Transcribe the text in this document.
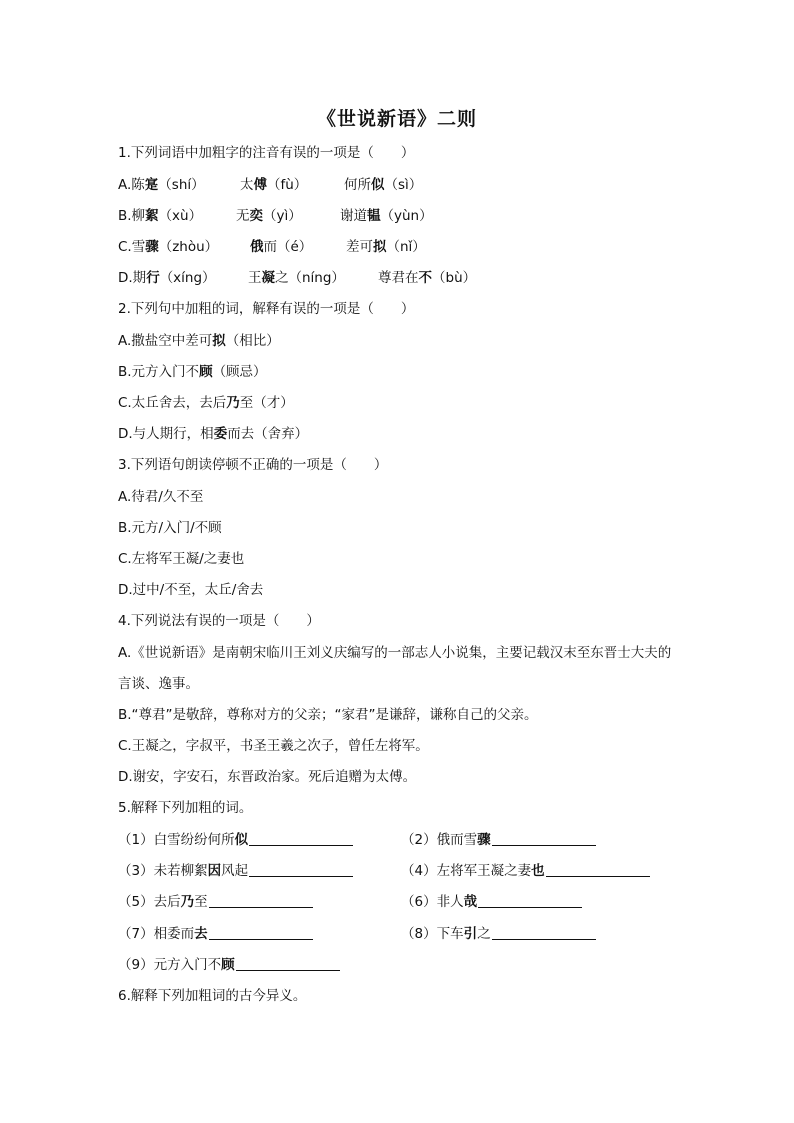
《世说新语》二则
1.下列词语中加粗字的注音有误的一项是（　　）
A.陈寔（shí）	太傅（fù）	何所似（sì）
B.柳絮（xù）	无奕（yì）	谢道韫（yùn）
C.雪骤（zhòu） 俄而（é） 差可拟（nǐ）
D.期行（xíng） 王凝之（níng） 尊君在不（bù）
2.下列句中加粗的词，解释有误的一项是（　　）
A.撒盐空中差可拟（相比）
B.元方入门不顾（顾忌）
C.太丘舍去，去后乃至（才）
D.与人期行，相委而去（舍弃）
3.下列语句朗读停顿不正确的一项是（　　）
A.待君/久不至
B.元方/入门/不顾
C.左将军王凝/之妻也
D.过中/不至，太丘/舍去
4.下列说法有误的一项是（　　）
A.《世说新语》是南朝宋临川王刘义庆编写的一部志人小说集，主要记载汉末至东晋士大夫的言谈、逸事。
B.“尊君”是敬辞，尊称对方的父亲；“家君”是谦辞，谦称自己的父亲。
C.王凝之，字叔平，书圣王羲之次子，曾任左将军。
D.谢安，字安石，东晋政治家。死后追赠为太傅。
5.解释下列加粗的词。
（1）白雪纷纷何所似	（2）俄而雪骤
（3）未若柳絮因风起	（4）左将军王凝之妻也
（5）去后乃至	（6）非人哉
（7）相委而去	（8）下车引之
（9）元方入门不顾
6.解释下列加粗词的古今异义。
